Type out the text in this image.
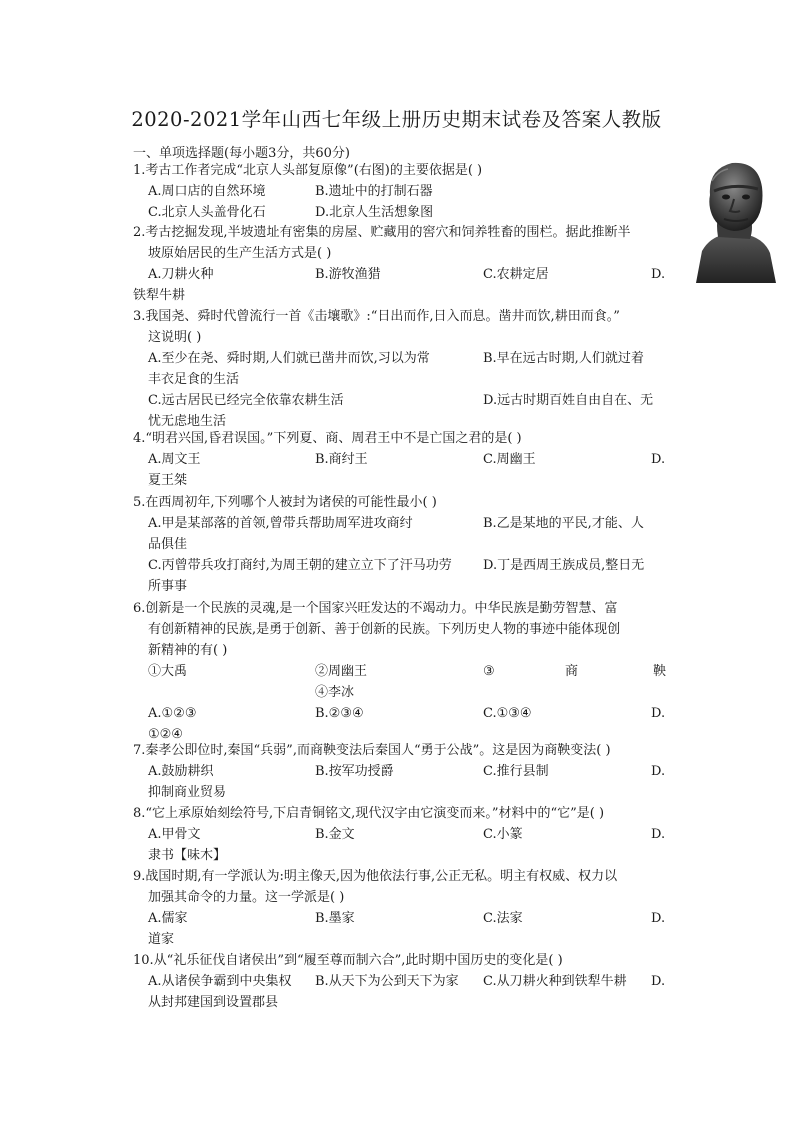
2020-2021学年山西七年级上册历史期末试卷及答案人教版
一、单项选择题(每小题3分，共60分)
1.考古工作者完成“北京人头部复原像”(右图)的主要依据是( )
A.周口店的自然环境	B.遗址中的打制石器
C.北京人头盖骨化石	D.北京人生活想象图
2.考古挖掘发现,半坡遗址有密集的房屋、贮藏用的窖穴和饲养牲畜的围栏。据此推断半
坡原始居民的生产生活方式是( )
A.刀耕火种	B.游牧渔猎	C.农耕定居	D.
铁犁牛耕
3.我国尧、舜时代曾流行一首《击壤歌》:“日出而作,日入而息。凿井而饮,耕田而食。”
这说明( )
A.至少在尧、舜时期,人们就已凿井而饮,习以为常	B.早在远古时期,人们就过着
丰衣足食的生活
C.远古居民已经完全依靠农耕生活	D.远古时期百姓自由自在、无
忧无虑地生活
4.“明君兴国,昏君误国。”下列夏、商、周君王中不是亡国之君的是( )
A.周文王	B.商纣王	C.周幽王	D.
夏王桀
5.在西周初年,下列哪个人被封为诸侯的可能性最小( )
A.甲是某部落的首领,曾带兵帮助周军进攻商纣	B.乙是某地的平民,才能、人
品俱佳
C.丙曾带兵攻打商纣,为周王朝的建立立下了汗马功劳 D.丁是西周王族成员,整日无
所事事
6.创新是一个民族的灵魂,是一个国家兴旺发达的不竭动力。中华民族是勤劳智慧、富
有创新精神的民族,是勇于创新、善于创新的民族。下列历史人物的事迹中能体现创
新精神的有( )
①大禹	②周幽王	③	商	鞅
④李冰
A.①②③	B.②③④	C.①③④	D.
①②④
7.秦孝公即位时,秦国“兵弱”,而商鞅变法后秦国人“勇于公战”。这是因为商鞅变法( )
A.鼓励耕织	B.按军功授爵	C.推行县制	D.
抑制商业贸易
8.“它上承原始刻绘符号,下启青铜铭文,现代汉字由它演变而来。”材料中的“它”是( )
A.甲骨文	B.金文	C.小篆	D.
隶书【味木】
9.战国时期,有一学派认为:明主像天,因为他依法行事,公正无私。明主有权威、权力以
加强其命令的力量。这一学派是( )
A.儒家	B.墨家	C.法家	D.
道家
10.从“礼乐征伐自诸侯出”到“履至尊而制六合”,此时期中国历史的变化是( )
A.从诸侯争霸到中央集权 B.从天下为公到天下为家 C.从刀耕火种到铁犁牛耕 D.
从封邦建国到设置郡县
